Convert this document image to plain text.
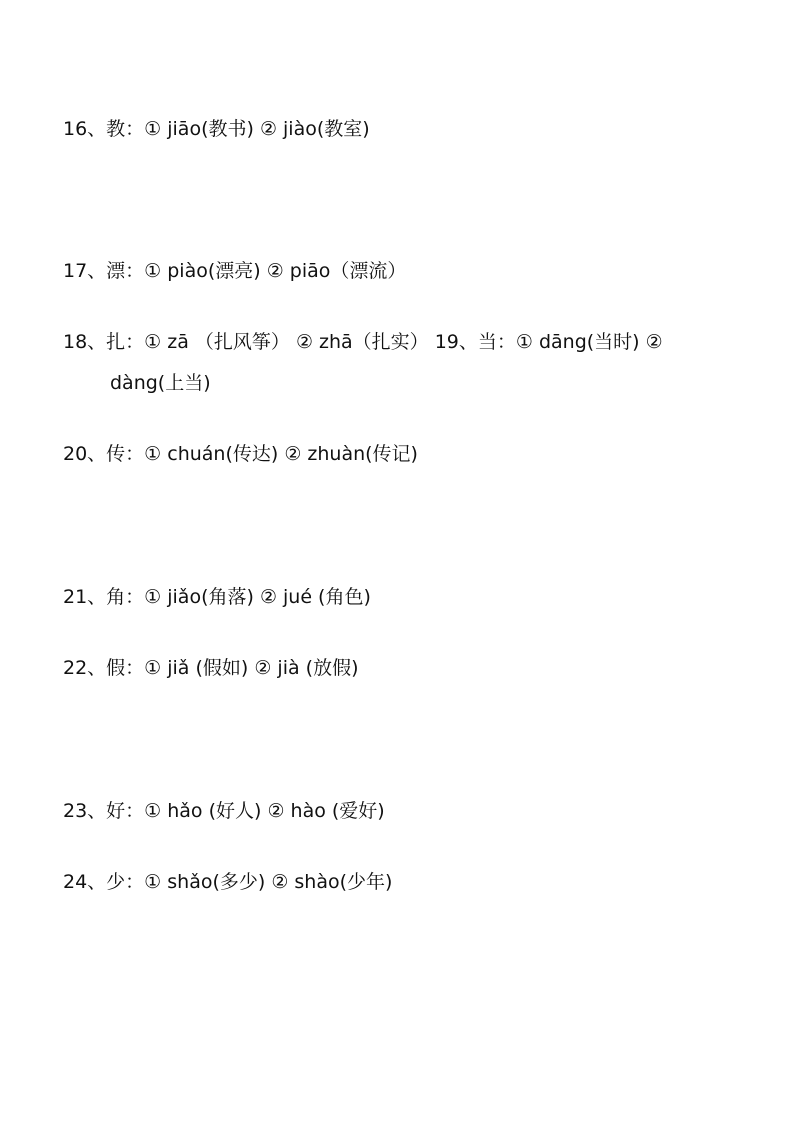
16、教：① jiāo(教书) ② jiào(教室)
17、漂：① piào(漂亮) ② piāo（漂流）
18、扎：① zā （扎风筝） ② zhā（扎实） 19、当：① dāng(当时) ②
dàng(上当)
20、传：① chuán(传达) ② zhuàn(传记)
21、角：① jiǎo(角落) ② jué (角色)
22、假：① jiǎ (假如) ② jià (放假)
23、好：① hǎo (好人) ② hào (爱好)
24、少：① shǎo(多少) ② shào(少年)
